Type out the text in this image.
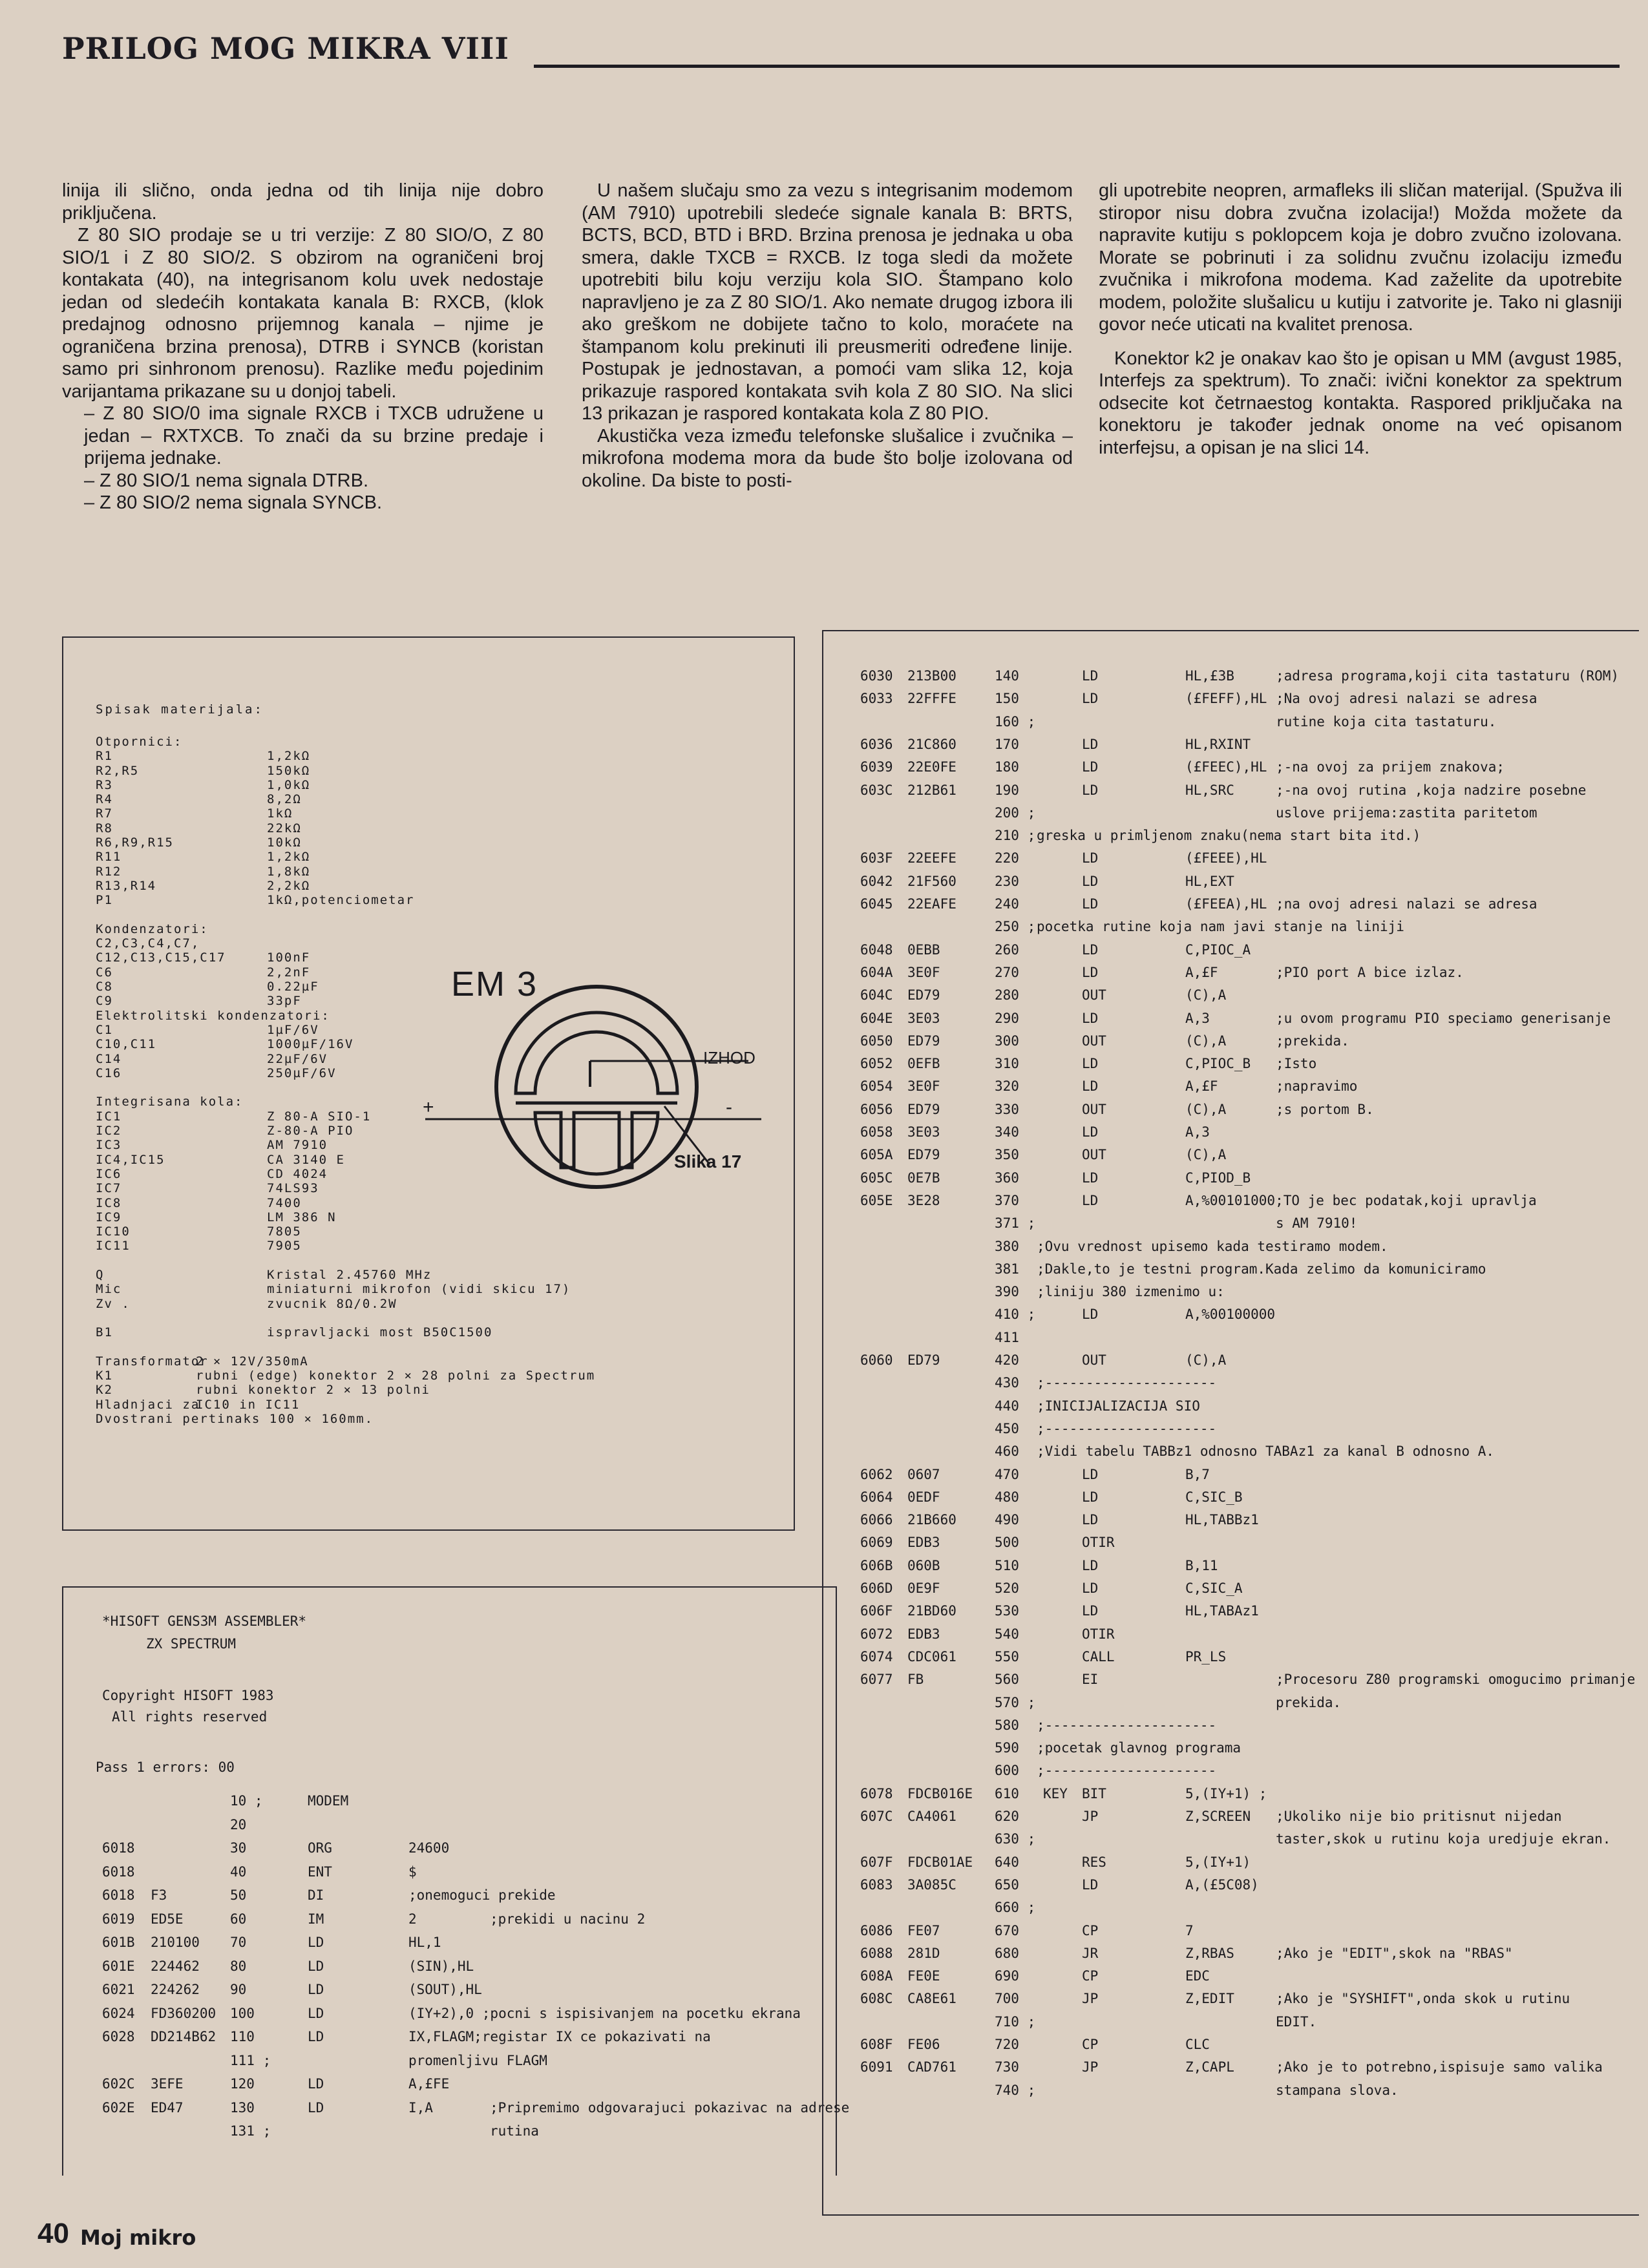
PRILOG MOG MIKRA VIII

linija ili slično, onda jedna od tih linija nije dobro priključena.

Z 80 SIO prodaje se u tri verzije: Z 80 SIO/O, Z 80 SIO/1 i Z 80 SIO/2. S obzirom na ograničeni broj kontakata (40), na integrisanom kolu uvek nedostaje jedan od sledećih kontakata kanala B: RXCB, (klok predajnog odnosno prijemnog kanala – njime je ograničena brzina prenosa), DTRB i SYNCB (koristan samo pri sinhronom prenosu). Razlike među pojedinim varijantama prikazane su u donjoj tabeli.

– Z 80 SIO/0 ima signale RXCB i TXCB udružene u jedan – RXTXCB. To znači da su brzine predaje i prijema jednake.

– Z 80 SIO/1 nema signala DTRB.

– Z 80 SIO/2 nema signala SYNCB.

U našem slučaju smo za vezu s integrisanim modemom (AM 7910) upotrebili sledeće signale kanala B: BRTS, BCTS, BCD, BTD i BRD. Brzina prenosa je jednaka u oba smera, dakle TXCB = RXCB. Iz toga sledi da možete upotrebiti bilu koju verziju kola SIO. Štampano kolo napravljeno je za Z 80 SIO/1. Ako nemate drugog izbora ili ako greškom ne dobijete tačno to kolo, moraćete na štampanom kolu prekinuti ili preusmeriti određene linije. Postupak je jednostavan, a pomoći vam slika 12, koja prikazuje raspored kontakata svih kola Z 80 SIO. Na slici 13 prikazan je raspored kontakata kola Z 80 PIO.

Akustička veza između telefonske slušalice i zvučnika – mikrofona modema mora da bude što bolje izolovana od okoline. Da biste to posti-

gli upotrebite neopren, armafleks ili sličan materijal. (Spužva ili stiropor nisu dobra zvučna izolacija!) Možda možete da napravite kutiju s poklopcem koja je dobro zvučno izolovana. Morate se pobrinuti i za solidnu zvučnu izolaciju između zvučnika i mikrofona modema. Kad zaželite da upotrebite modem, položite slušalicu u kutiju i zatvorite je. Tako ni glasniji govor neće uticati na kvalitet prenosa.

Konektor k2 je onakav kao što je opisan u MM (avgust 1985, Interfejs za spektrum). To znači: ivični konektor za spektrum odsecite kot četrnaestog kontakta. Raspored priključaka na konektoru je također jednak onome na već opisanom interfejsu, a opisan je na slici 14.

Spisak materijala:
Otpornici:
R1	1,2kΩ
R2,R5	150kΩ
R3	1,0kΩ
R4	8,2Ω
R7	1kΩ
R8	22kΩ
R6,R9,R15	10kΩ
R11	1,2kΩ
R12	1,8kΩ
R13,R14	2,2kΩ
P1	1kΩ,potenciometar
Kondenzatori:
C2,C3,C4,C7,
C12,C13,C15,C17	100nF
C6	2,2nF
C8	0.22µF
C9	33pF
Elektrolitski kondenzatori:
C1	1µF/6V
C10,C11	1000µF/16V
C14	22µF/6V
C16	250µF/6V
Integrisana kola:
IC1	Z 80-A SIO-1
IC2	Z-80-A PIO
IC3	AM 7910
IC4,IC15	CA 3140 E
IC6	CD 4024
IC7	74LS93
IC8	7400
IC9	LM 386 N
IC10	7805
IC11	7905
Q	Kristal 2.45760 MHz
Mic	miniaturni mikrofon (vidi skicu 17)
Zv .	zvucnik 8Ω/0.2W
B1	ispravljacki most B50C1500
Transformator
2 × 12V/350mA
K1	rubni (edge) konektor 2 × 28 polni za Spectrum
K2	rubni konektor 2 × 13 polni
Hladnjaci za
IC10 in IC11
Dvostrani pertinaks 100 × 160mm.
EM 3
IZHOD
Slika 17
+	-
*HISOFT GENS3M ASSEMBLER*
ZX SPECTRUM
Copyright HISOFT 1983
All rights reserved
Pass 1 errors: 00
10 ;	MODEM
20
6018	30	ORG	24600
6018	40	ENT	$
6018 F3	50	DI	;onemoguci prekide
6019 ED5E	60	IM	2	;prekidi u nacinu 2
601B 210100 70	LD	HL,1
601E 224462 80	LD	(SIN),HL
6021 224262 90	LD	(SOUT),HL
6024 FD360200 100	LD	(IY+2),0 ;pocni s ispisivanjem na pocetku ekrana
6028 DD214B62 110	LD	IX,FLAGM;registar IX ce pokazivati na
111 ;	promenljivu FLAGM
602C 3EFE	120	LD	A,£FE
602E ED47	130	LD	I,A	;Pripremimo odgovarajuci pokazivac na adrese
131 ;	rutina
6030 213B00	140	LD	HL,£3B	;adresa programa,koji cita tastaturu (ROM)
6033 22FFFE	150	LD	(£FEFF),HL ;Na ovoj adresi nalazi se adresa
160 ;	rutine koja cita tastaturu.
6036 21C860	170	LD	HL,RXINT
6039 22E0FE	180	LD	(£FEEC),HL ;-na ovoj za prijem znakova;
603C 212B61	190	LD	HL,SRC	;-na ovoj rutina ,koja nadzire posebne
200 ;	uslove prijema:zastita paritetom
210 ; greska u primljenom znaku(nema start bita itd.)
603F 22EEFE	220	LD	(£FEEE),HL
6042 21F560	230	LD	HL,EXT
6045 22EAFE	240	LD	(£FEEA),HL ;na ovoj adresi nalazi se adresa
250 ; pocetka rutine koja nam javi stanje na liniji
6048 0EBB	260	LD	C,PIOC_A
604A 3E0F	270	LD	A,£F	;PIO port A bice izlaz.
604C ED79	280	OUT	(C),A
604E 3E03	290	LD	A,3	;u ovom programu PIO speciamo generisanje
6050 ED79	300	OUT	(C),A	;prekida.
6052 0EFB	310	LD	C,PIOC_B ;Isto
6054 3E0F	320	LD	A,£F	;napravimo
6056 ED79	330	OUT	(C),A	;s portom B.
6058 3E03	340	LD	A,3
605A ED79	350	OUT	(C),A
605C 0E7B	360	LD	C,PIOD_B
605E 3E28	370	LD	A,%00101000;TO je bec podatak,koji upravlja
371 ;	s AM 7910!
380 ;Ovu vrednost upisemo kada testiramo modem.
381 ;Dakle,to je testni program.Kada zelimo da komuniciramo
390 ;liniju 380 izmenimo u:
410 ;	LD	A,%00100000
411
6060 ED79	420	OUT	(C),A
430 ;---------------------
440 ;INICIJALIZACIJA SIO
450 ;---------------------
460 ;Vidi tabelu TABBz1 odnosno TABAz1 za kanal B odnosno A.
6062 0607	470	LD	B,7
6064 0EDF	480	LD	C,SIC_B
6066 21B660	490	LD	HL,TABBz1
6069 EDB3	500	OTIR
606B 060B	510	LD	B,11
606D 0E9F	520	LD	C,SIC_A
606F 21BD60	530	LD	HL,TABAz1
6072 EDB3	540	OTIR
6074 CDC061	550	CALL	PR_LS
6077 FB	560	EI	;Procesoru Z80 programski omogucimo primanje
570 ;	prekida.
580 ;---------------------
590 ;pocetak glavnog programa
600 ;---------------------
6078 FDCB016E 610 KEY BIT	5,(IY+1) ;
607C CA4061	620	JP	Z,SCREEN ;Ukoliko nije bio pritisnut nijedan
630 ;	taster,skok u rutinu koja uredjuje ekran.
607F FDCB01AE 640	RES	5,(IY+1)
6083 3A085C	650	LD	A,(£5C08)
660 ;
6086 FE07	670	CP	7
6088 281D	680	JR	Z,RBAS	;Ako je "EDIT",skok na "RBAS"
608A FE0E	690	CP	EDC
608C CA8E61	700	JP	Z,EDIT	;Ako je "SYSHIFT",onda skok u rutinu
710 ;	EDIT.
608F FE06	720	CP	CLC
6091 CAD761	730	JP	Z,CAPL	;Ako je to potrebno,ispisuje samo valika
740 ;	stampana slova.
40 Moj mikro
